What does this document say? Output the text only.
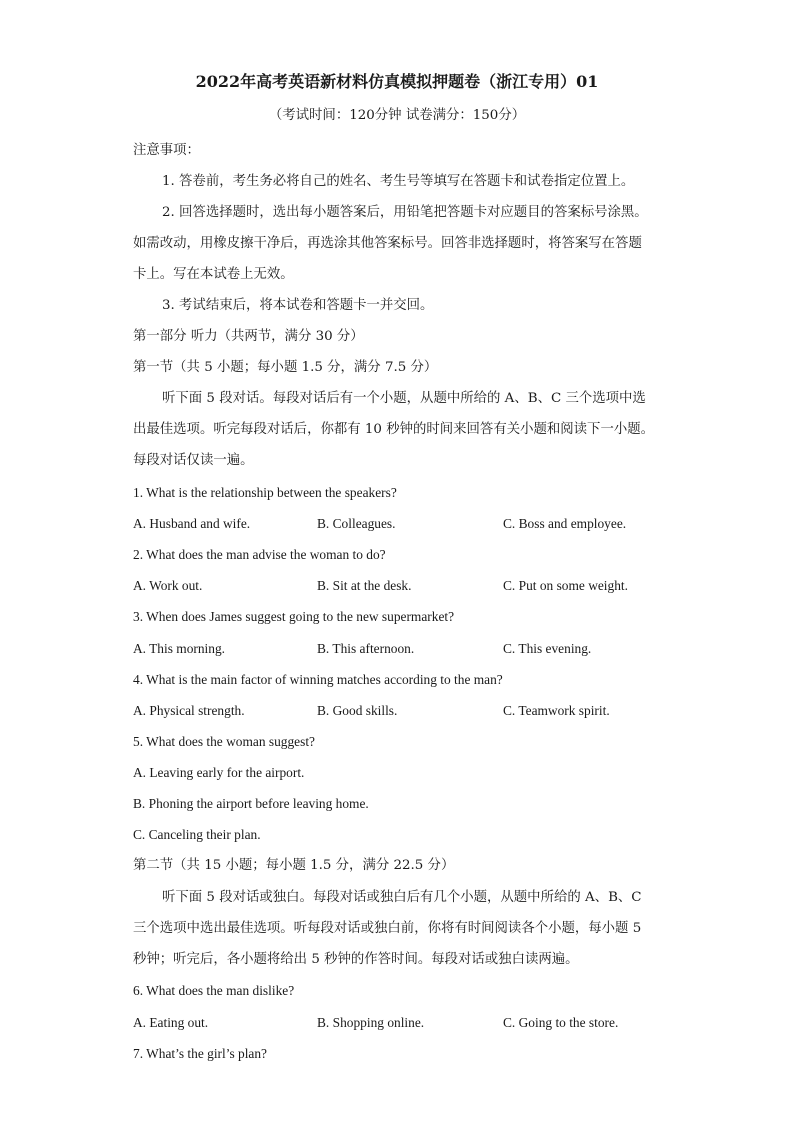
2022年高考英语新材料仿真模拟押题卷（浙江专用）01
（考试时间：120分钟 试卷满分：150分）
注意事项：
1. 答卷前，考生务必将自己的姓名、考生号等填写在答题卡和试卷指定位置上。
2. 回答选择题时，选出每小题答案后，用铅笔把答题卡对应题目的答案标号涂黑。
如需改动，用橡皮擦干净后，再选涂其他答案标号。回答非选择题时，将答案写在答题
卡上。写在本试卷上无效。
3. 考试结束后，将本试卷和答题卡一并交回。
第一部分 听力（共两节，满分 30 分）
第一节（共 5 小题；每小题 1.5 分，满分 7.5 分）
听下面 5 段对话。每段对话后有一个小题，从题中所给的 A、B、C 三个选项中选
出最佳选项。听完每段对话后，你都有 10 秒钟的时间来回答有关小题和阅读下一小题。
每段对话仅读一遍。
1. What is the relationship between the speakers?
A. Husband and wife.	B. Colleagues.	C. Boss and employee.
2. What does the man advise the woman to do?
A. Work out.	B. Sit at the desk.	C. Put on some weight.
3. When does James suggest going to the new supermarket?
A. This morning.	B. This afternoon.	C. This evening.
4. What is the main factor of winning matches according to the man?
A. Physical strength.	B. Good skills.	C. Teamwork spirit.
5. What does the woman suggest?
A. Leaving early for the airport.
B. Phoning the airport before leaving home.
C. Canceling their plan.
第二节（共 15 小题；每小题 1.5 分，满分 22.5 分）
听下面 5 段对话或独白。每段对话或独白后有几个小题，从题中所给的 A、B、C
三个选项中选出最佳选项。听每段对话或独白前，你将有时间阅读各个小题，每小题 5
秒钟；听完后，各小题将给出 5 秒钟的作答时间。每段对话或独白读两遍。
6. What does the man dislike?
A. Eating out.	B. Shopping online.	C. Going to the store.
7. What’s the girl’s plan?
